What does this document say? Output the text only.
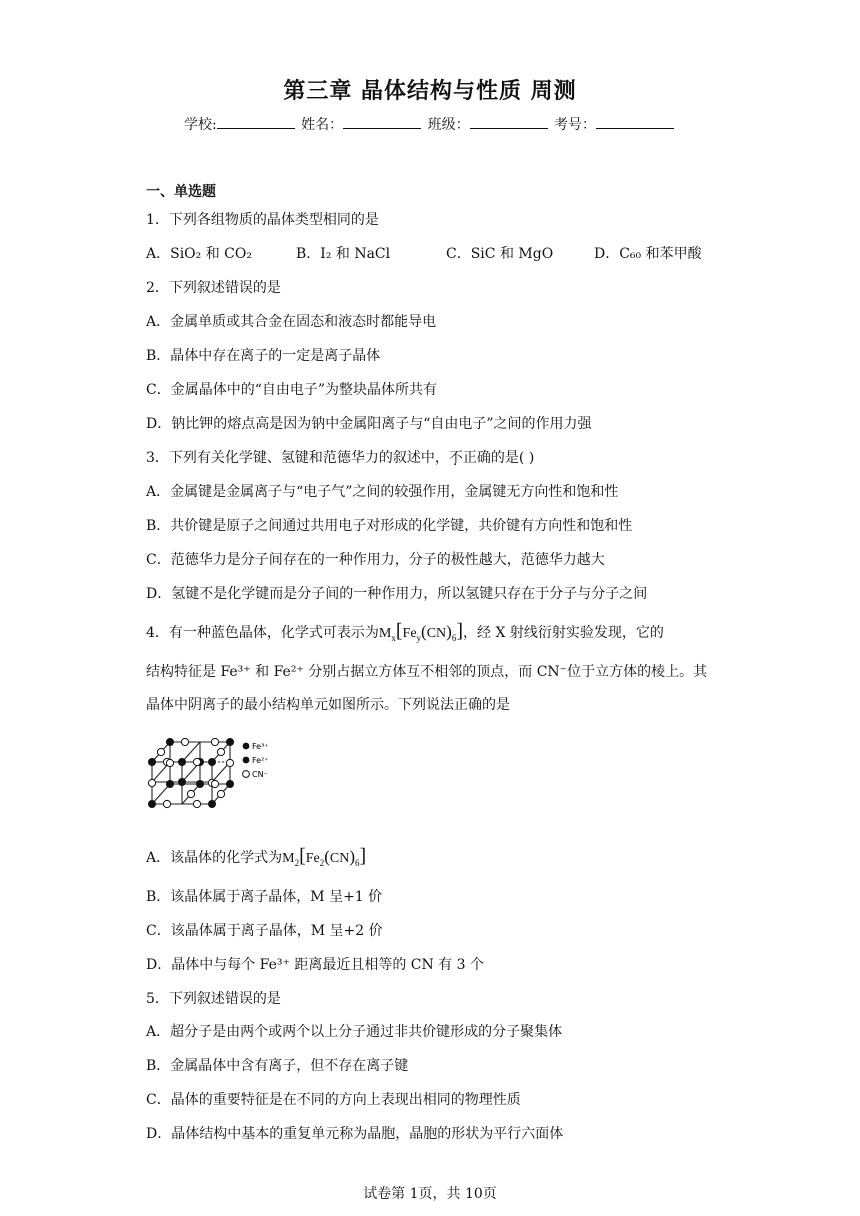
第三章 晶体结构与性质 周测
学校:	姓名：	班级：	考号：
一、单选题
1．下列各组物质的晶体类型相同的是
A．SiO₂ 和 CO₂	B．I₂ 和 NaCl	C．SiC 和 MgO	D．C₆₀ 和苯甲酸
2．下列叙述错误的是
A．金属单质或其合金在固态和液态时都能导电
B．晶体中存在离子的一定是离子晶体
C．金属晶体中的“自由电子”为整块晶体所共有
D．钠比钾的熔点高是因为钠中金属阳离子与“自由电子”之间的作用力强
3．下列有关化学键、氢键和范德华力的叙述中，不正确的是( )
A．金属键是金属离子与“电子气”之间的较强作用，金属键无方向性和饱和性
B．共价键是原子之间通过共用电子对形成的化学键，共价键有方向性和饱和性
C．范德华力是分子间存在的一种作用力，分子的极性越大，范德华力越大
D．氢键不是化学键而是分子间的一种作用力，所以氢键只存在于分子与分子之间
4．有一种蓝色晶体，化学式可表示为$M_x[Fe_y(CN)_6]$，经 X 射线衍射实验发现，它的
结构特征是 Fe³⁺ 和 Fe²⁺ 分别占据立方体互不相邻的顶点，而 CN⁻位于立方体的棱上。其
晶体中阴离子的最小结构单元如图所示。下列说法正确的是
Fe³⁺
Fe²⁺
CN⁻
A．该晶体的化学式为$M_2[Fe_2(CN)_6]$
B．该晶体属于离子晶体，M 呈+1 价
C．该晶体属于离子晶体，M 呈+2 价
D．晶体中与每个 Fe³⁺ 距离最近且相等的 CN 有 3 个
5．下列叙述错误的是
A．超分子是由两个或两个以上分子通过非共价键形成的分子聚集体
B．金属晶体中含有离子，但不存在离子键
C．晶体的重要特征是在不同的方向上表现出相同的物理性质
D．晶体结构中基本的重复单元称为晶胞，晶胞的形状为平行六面体
试卷第 1页，共 10页
